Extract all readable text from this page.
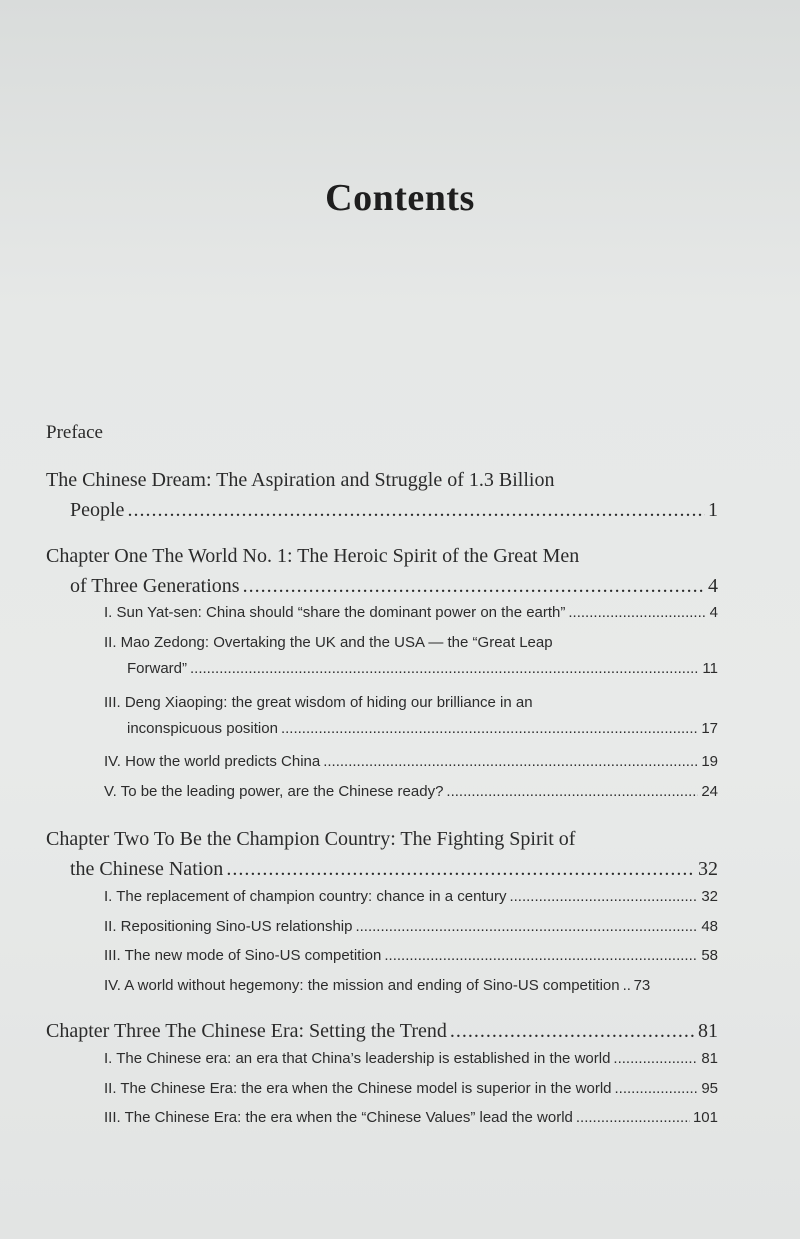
Contents
Preface
The Chinese Dream: The Aspiration and Struggle of 1.3 Billion
People .....	1
Chapter One The World No. 1: The Heroic Spirit of the Great Men
of Three Generations .....	4
I. Sun Yat-sen: China should “share the dominant power on the earth” .....	4
II. Mao Zedong: Overtaking the UK and the USA — the “Great Leap
Forward” .....	11
III. Deng Xiaoping: the great wisdom of hiding our brilliance in an
inconspicuous position .....	17
IV. How the world predicts China .....	19
V. To be the leading power, are the Chinese ready? .....	24
Chapter Two To Be the Champion Country: The Fighting Spirit of
the Chinese Nation .....	32
I. The replacement of champion country: chance in a century .....	32
II. Repositioning Sino-US relationship .....	48
III. The new mode of Sino-US competition .....	58
IV. A world without hegemony: the mission and ending of Sino-US competition ..... 73
Chapter Three The Chinese Era: Setting the Trend .....	81
I. The Chinese era: an era that China’s leadership is established in the world .....	81
II. The Chinese Era: the era when the Chinese model is superior in the world .....	95
III. The Chinese Era: the era when the “Chinese Values” lead the world .....	101
